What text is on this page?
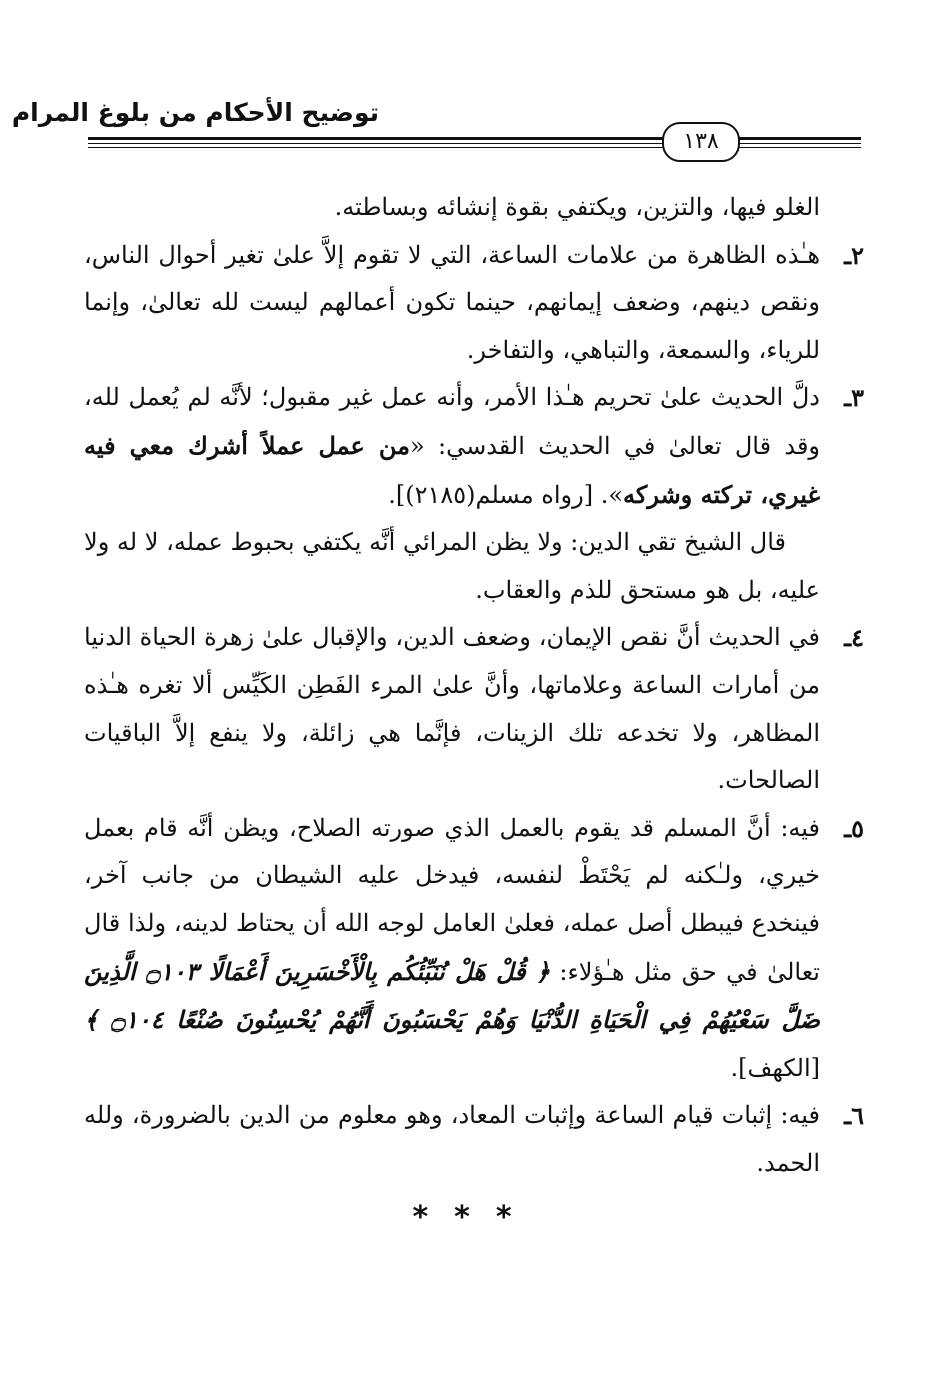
توضيح الأحكام من بلوغ المرام
١٣٨

الغلو فيها، والتزين، ويكتفي بقوة إنشائه وبساطته.

٢ـ
هـٰذه الظاهرة من علامات الساعة، التي لا تقوم إلاَّ علىٰ تغير أحوال الناس، ونقص دينهم، وضعف إيمانهم، حينما تكون أعمالهم ليست لله تعالىٰ، وإنما للرياء، والسمعة، والتباهي، والتفاخر.

٣ـ
دلَّ الحديث علىٰ تحريم هـٰذا الأمر، وأنه عمل غير مقبول؛ لأنَّه لم يُعمل لله، وقد قال تعالىٰ في الحديث القدسي: «من عمل عملاً أشرك معي فيه غيري، تركته وشركه». [رواه مسلم(٢١٨٥)].

قال الشيخ تقي الدين: ولا يظن المرائي أنَّه يكتفي بحبوط عمله، لا له ولا عليه، بل هو مستحق للذم والعقاب.

٤ـ
في الحديث أنَّ نقص الإيمان، وضعف الدين، والإقبال علىٰ زهرة الحياة الدنيا من أمارات الساعة وعلاماتها، وأنَّ علىٰ المرء الفَطِن الكَيِّس ألا تغره هـٰذه المظاهر، ولا تخدعه تلك الزينات، فإنَّما هي زائلة، ولا ينفع إلاَّ الباقيات الصالحات.

٥ـ
فيه: أنَّ المسلم قد يقوم بالعمل الذي صورته الصلاح، ويظن أنَّه قام بعمل خيري، ولـٰكنه لم يَحْتَطْ لنفسه، فيدخل عليه الشيطان من جانب آخر، فينخدع فيبطل أصل عمله، فعلىٰ العامل لوجه الله أن يحتاط لدينه، ولذا قال تعالىٰ في حق مثل هـٰؤلاء: ﴿ قُلْ هَلْ نُنَبِّئُكُم بِالْأَخْسَرِينَ أَعْمَالًا ۝١٠٣ الَّذِينَ ضَلَّ سَعْيُهُمْ فِي الْحَيَاةِ الدُّنْيَا وَهُمْ يَحْسَبُونَ أَنَّهُمْ يُحْسِنُونَ صُنْعًا ۝١٠٤ ﴾ [الكهف].

٦ـ
فيه: إثبات قيام الساعة وإثبات المعاد، وهو معلوم من الدين بالضرورة، ولله الحمد.

***
